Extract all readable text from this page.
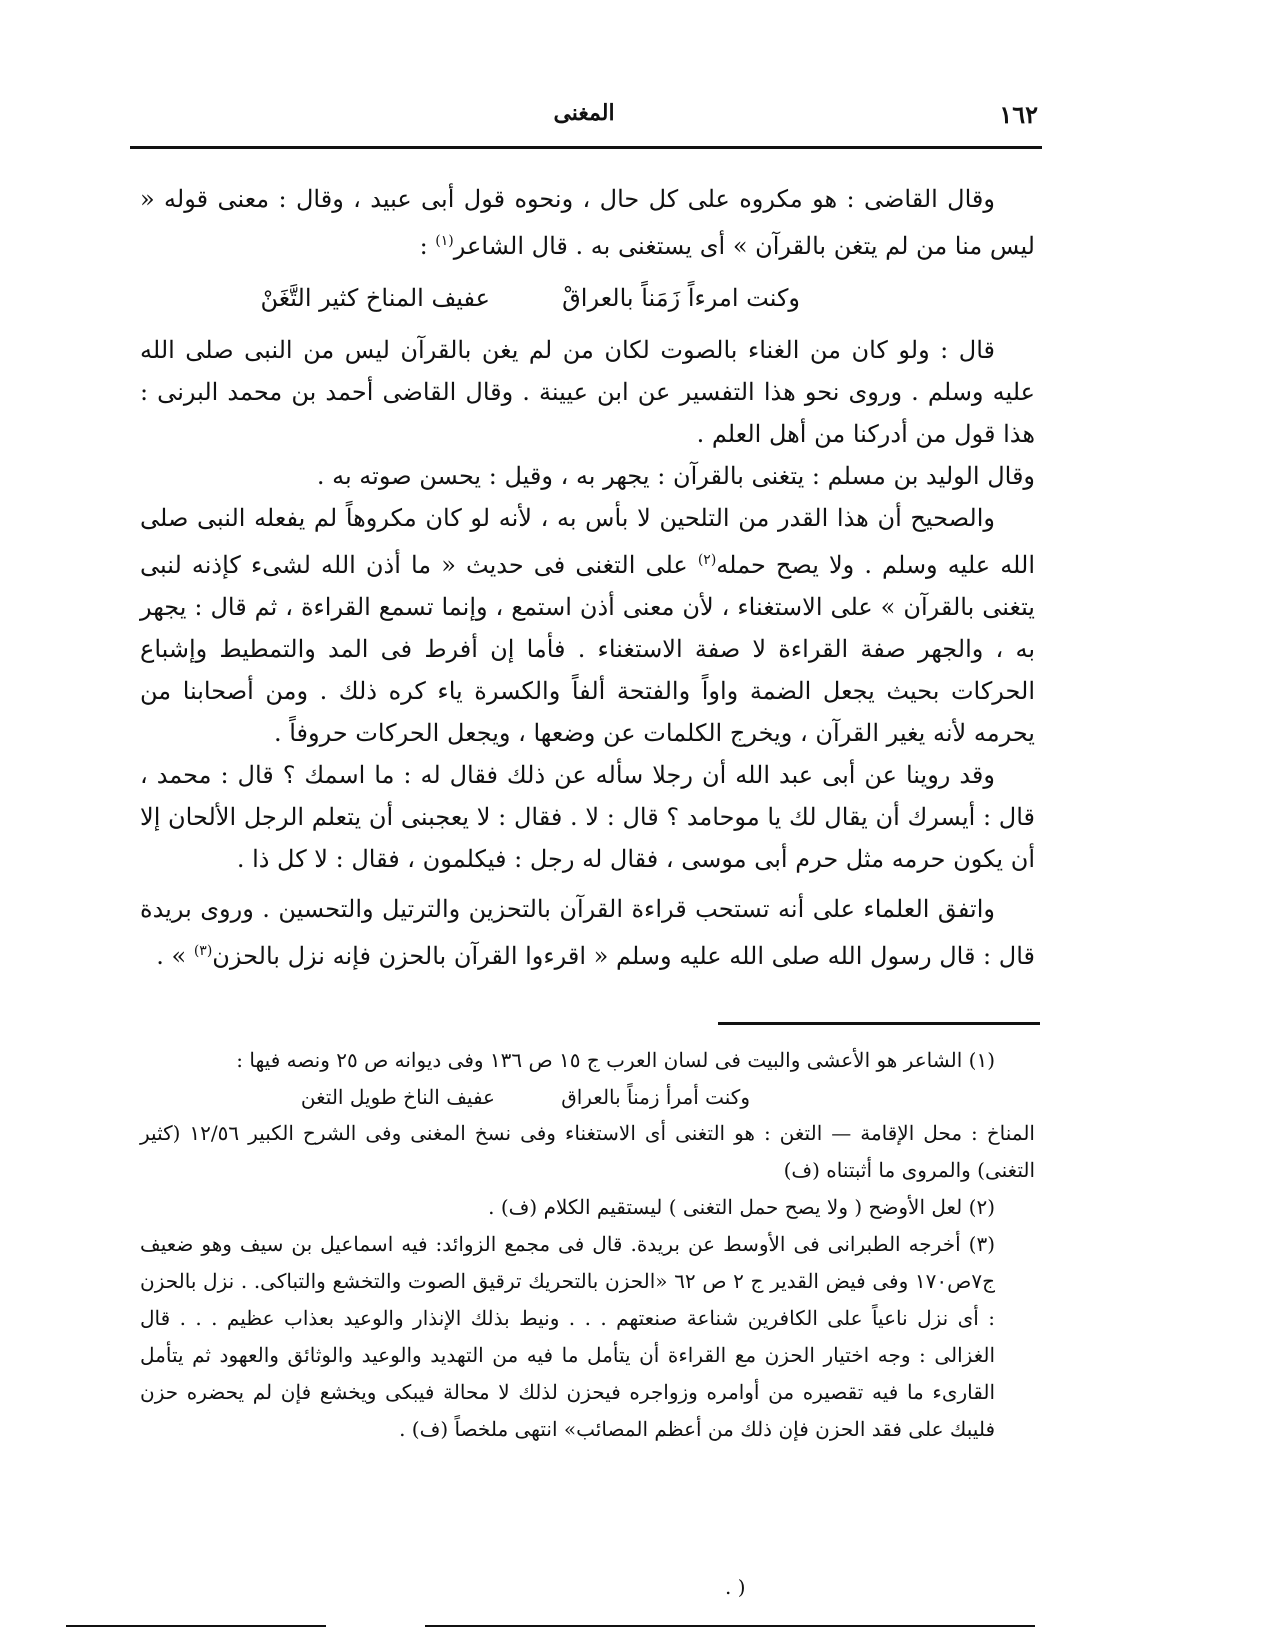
١٦٢
المغنى

وقال القاضى : هو مكروه على كل حال ، ونحوه قول أبى عبيد ، وقال : معنى قوله « ليس منا من لم يتغن بالقرآن » أى يستغنى به . قال الشاعر$^{(١)}$ :

وكنت امرءاً زَمَناً بالعراقْ
عفيف المناخ كثير التَّغَنْ

قال : ولو كان من الغناء بالصوت لكان من لم يغن بالقرآن ليس من النبى صلى الله عليه وسلم . وروى نحو هذا التفسير عن ابن عيينة . وقال القاضى أحمد بن محمد البرنى : هذا قول من أدركنا من أهل العلم .

وقال الوليد بن مسلم : يتغنى بالقرآن : يجهر به ، وقيل : يحسن صوته به .

والصحيح أن هذا القدر من التلحين لا بأس به ، لأنه لو كان مكروهاً لم يفعله النبى صلى الله عليه وسلم . ولا يصح حمله$^{(٢)}$ على التغنى فى حديث « ما أذن الله لشىء كإذنه لنبى يتغنى بالقرآن » على الاستغناء ، لأن معنى أذن استمع ، وإنما تسمع القراءة ، ثم قال : يجهر به ، والجهر صفة القراءة لا صفة الاستغناء . فأما إن أفرط فى المد والتمطيط وإشباع الحركات بحيث يجعل الضمة واواً والفتحة ألفاً والكسرة ياء كره ذلك . ومن أصحابنا من يحرمه لأنه يغير القرآن ، ويخرج الكلمات عن وضعها ، ويجعل الحركات حروفاً .

وقد روينا عن أبى عبد الله أن رجلا سأله عن ذلك فقال له : ما اسمك ؟ قال : محمد ، قال : أيسرك أن يقال لك يا موحامد ؟ قال : لا . فقال : لا يعجبنى أن يتعلم الرجل الألحان إلا أن يكون حرمه مثل حرم أبى موسى ، فقال له رجل : فيكلمون ، فقال : لا كل ذا .

واتفق العلماء على أنه تستحب قراءة القرآن بالتحزين والترتيل والتحسين . وروى بريدة قال : قال رسول الله صلى الله عليه وسلم « اقرءوا القرآن بالحزن فإنه نزل بالحزن$^{(٣)}$ » .

(١) الشاعر هو الأعشى والبيت فى لسان العرب ج ١٥ ص ١٣٦ وفى ديوانه ص ٢٥ ونصه فيها :

وكنت أمرأ زمناً بالعراق
عفيف الناخ طويل التغن

المناخ : محل الإقامة — التغن : هو التغنى أى الاستغناء وفى نسخ المغنى وفى الشرح الكبير ١٢/٥٦ (كثير التغنى) والمروى ما أثبتناه (ف)

(٢) لعل الأوضح ( ولا يصح حمل التغنى ) ليستقيم الكلام (ف) .

(٣) أخرجه الطبرانى فى الأوسط عن بريدة. قال فى مجمع الزوائد: فيه اسماعيل بن سيف وهو ضعيف ج٧ص١٧٠ وفى فيض القدير ج ٢ ص ٦٢ «الحزن بالتحريك ترقيق الصوت والتخشع والتباكى. . نزل بالحزن : أى نزل ناعياً على الكافرين شناعة صنعتهم . . . ونيط بذلك الإنذار والوعيد بعذاب عظيم . . . قال الغزالى : وجه اختيار الحزن مع القراءة أن يتأمل ما فيه من التهديد والوعيد والوثائق والعهود ثم يتأمل القارىء ما فيه تقصيره من أوامره وزواجره فيحزن لذلك لا محالة فيبكى ويخشع فإن لم يحضره حزن فليبك على فقد الحزن فإن ذلك من أعظم المصائب» انتهى ملخصاً (ف) .

( .
